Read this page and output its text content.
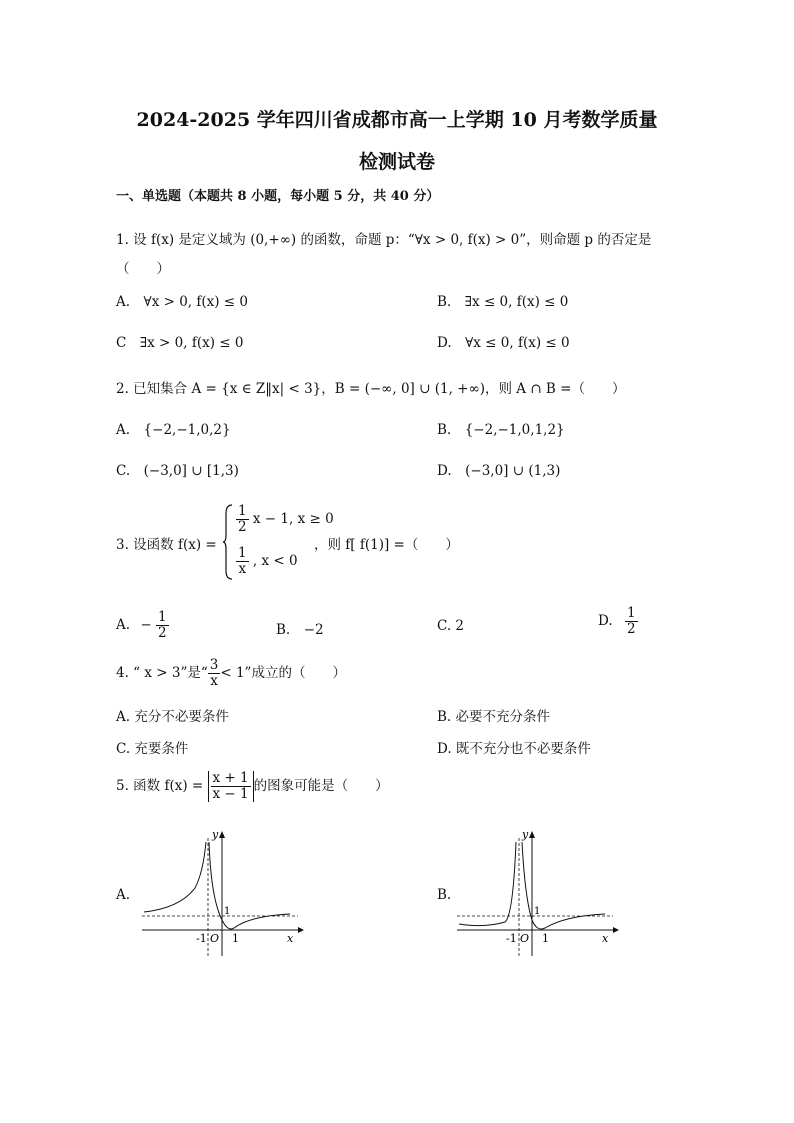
2024-2025 学年四川省成都市高一上学期 10 月考数学质量
检测试卷
一、单选题（本题共 8 小题，每小题 5 分，共 40 分）
1. 设 f(x) 是定义域为 (0,+∞) 的函数，命题 p：“∀x > 0, f(x) > 0”，则命题 p 的否定是
（　　）
A.　∀x > 0, f(x) ≤ 0	B.　∃x ≤ 0, f(x) ≤ 0
C　∃x > 0, f(x) ≤ 0	D.　∀x ≤ 0, f(x) ≤ 0
2. 已知集合 A = {x ∈ Z‖x| < 3}，B = (−∞, 0] ∪ (1, +∞)，则 A ∩ B =（　　）
A.　{−2,−1,0,2}	B.　{−2,−1,0,1,2}
C.　(−3,0] ∪ [1,3)	D.　(−3,0] ∪ (1,3)
3. 设函数 f(x) =
$\frac{1}{2}$ x − 1, x ≥ 0
$\frac{1}{x}$ , x < 0
，则 f[ f(1)] =（　　）
A. − $\frac{1}{2}$	B.　−2	C. 2	D. $\frac{1}{2}$
4. “ x > 3”是“ $\frac{3}{x} < 1$”成立的（　　）
A. 充分不必要条件	B. 必要不充分条件
C. 充要条件	D. 既不充分也不必要条件
5. 函数 $f(x) = \frac{x + 1}{x - 1}$ 的图象可能是（　　）
A.	B.
y
x
O
-1 1
1
y
x
O
-1 1
1
